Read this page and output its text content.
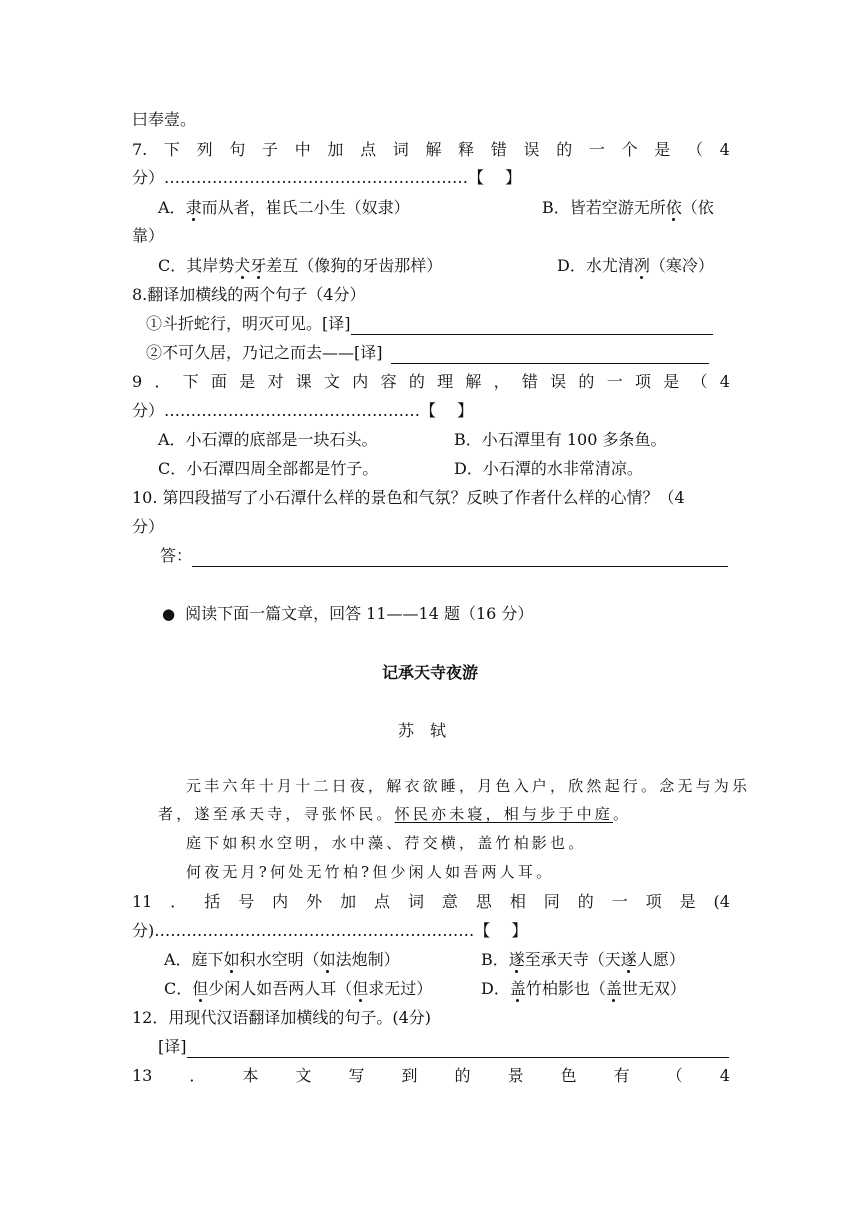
曰奉壹。
7. 下 列 句 子 中 加 点 词 解 释 错 误 的 一 个 是 （ 4
分）…………………………………………………【　 】
A．隶而从者，崔氏二小生（奴隶）	B．皆若空游无所依（依
靠）
C．其岸势犬牙差互（像狗的牙齿那样）	D．水尤清冽（寒冷）
8.翻译加横线的两个句子（4分）
①斗折蛇行，明灭可见。[译]
②不可久居，乃记之而去——[译]
9 ． 下 面 是 对 课 文 内 容 的 理 解 ， 错 误 的 一 项 是 （ 4
分）…………………………………………【　 】
A．小石潭的底部是一块石头。	B．小石潭里有 100 多条鱼。
C．小石潭四周全部都是竹子。	D．小石潭的水非常清凉。
10. 第四段描写了小石潭什么样的景色和气氛？反映了作者什么样的心情？（4
分）
答：
● 阅读下面一篇文章，回答 11——14 题（16 分）
记承天寺夜游
苏轼
元丰六年十月十二日夜，解衣欲睡，月色入户，欣然起行。念无与为乐
者，遂至承天寺，寻张怀民。怀民亦未寝，相与步于中庭。
庭下如积水空明，水中藻、荇交横，盖竹柏影也。
何夜无月?何处无竹柏?但少闲人如吾两人耳。
11 ． 括 号 内 外 加 点 词 意 思 相 同 的 一 项 是 (4
分)……………………………………………………【　 】
A．庭下如积水空明（如法炮制）	B．遂至承天寺（天遂人愿）
C．但少闲人如吾两人耳（但求无过）	D．盖竹柏影也（盖世无双）
12．用现代汉语翻译加横线的句子。(4分)
[译]
13 ． 本 文 写 到 的 景 色 有 （ 4
